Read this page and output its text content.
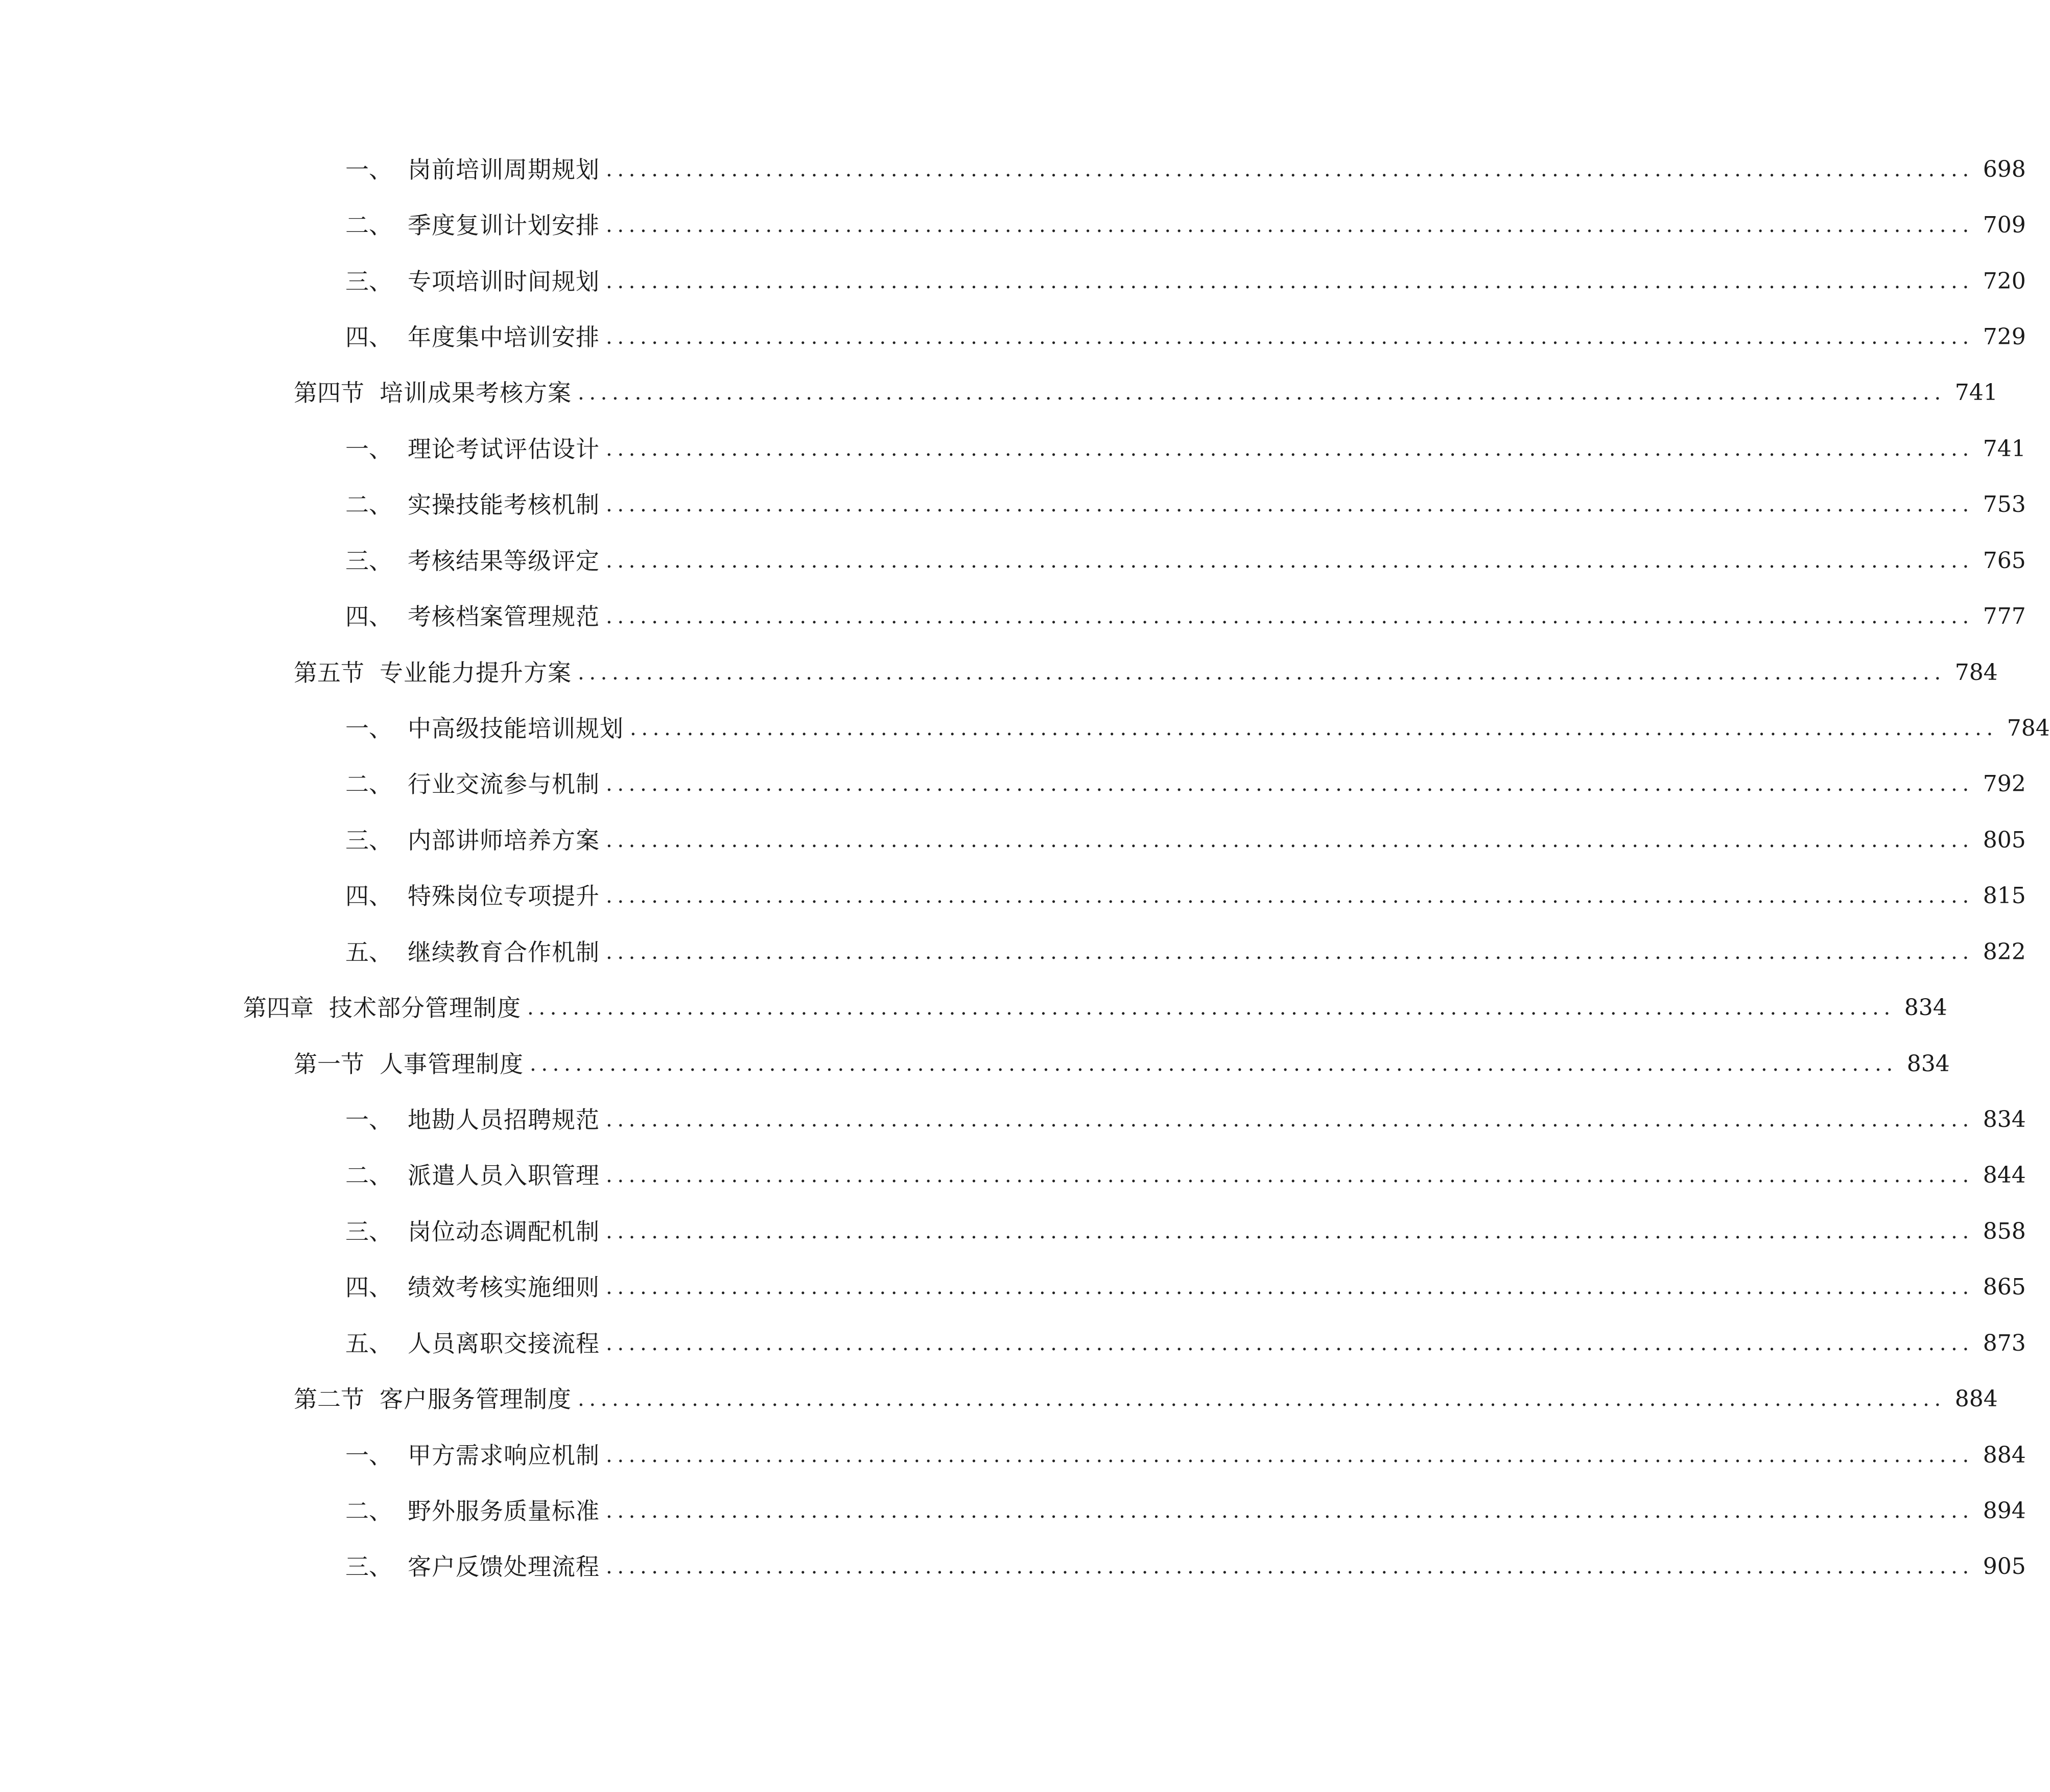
一、 岗前培训周期规划 ........................................................................................................................ 698
二、 季度复训计划安排 ........................................................................................................................ 709
三、 专项培训时间规划 ........................................................................................................................ 720
四、 年度集中培训安排 ........................................................................................................................ 729
第四节 培训成果考核方案 ........................................................................................................................ 741
一、 理论考试评估设计 ........................................................................................................................ 741
二、 实操技能考核机制 ........................................................................................................................ 753
三、 考核结果等级评定 ........................................................................................................................ 765
四、 考核档案管理规范 ........................................................................................................................ 777
第五节 专业能力提升方案 ........................................................................................................................ 784
一、 中高级技能培训规划 ........................................................................................................................ 784
二、 行业交流参与机制 ........................................................................................................................ 792
三、 内部讲师培养方案 ........................................................................................................................ 805
四、 特殊岗位专项提升 ........................................................................................................................ 815
五、 继续教育合作机制 ........................................................................................................................ 822
第四章 技术部分管理制度 ........................................................................................................................ 834
第一节 人事管理制度 ........................................................................................................................ 834
一、 地勘人员招聘规范 ........................................................................................................................ 834
二、 派遣人员入职管理 ........................................................................................................................ 844
三、 岗位动态调配机制 ........................................................................................................................ 858
四、 绩效考核实施细则 ........................................................................................................................ 865
五、 人员离职交接流程 ........................................................................................................................ 873
第二节 客户服务管理制度 ........................................................................................................................ 884
一、 甲方需求响应机制 ........................................................................................................................ 884
二、 野外服务质量标准 ........................................................................................................................ 894
三、 客户反馈处理流程 ........................................................................................................................ 905
